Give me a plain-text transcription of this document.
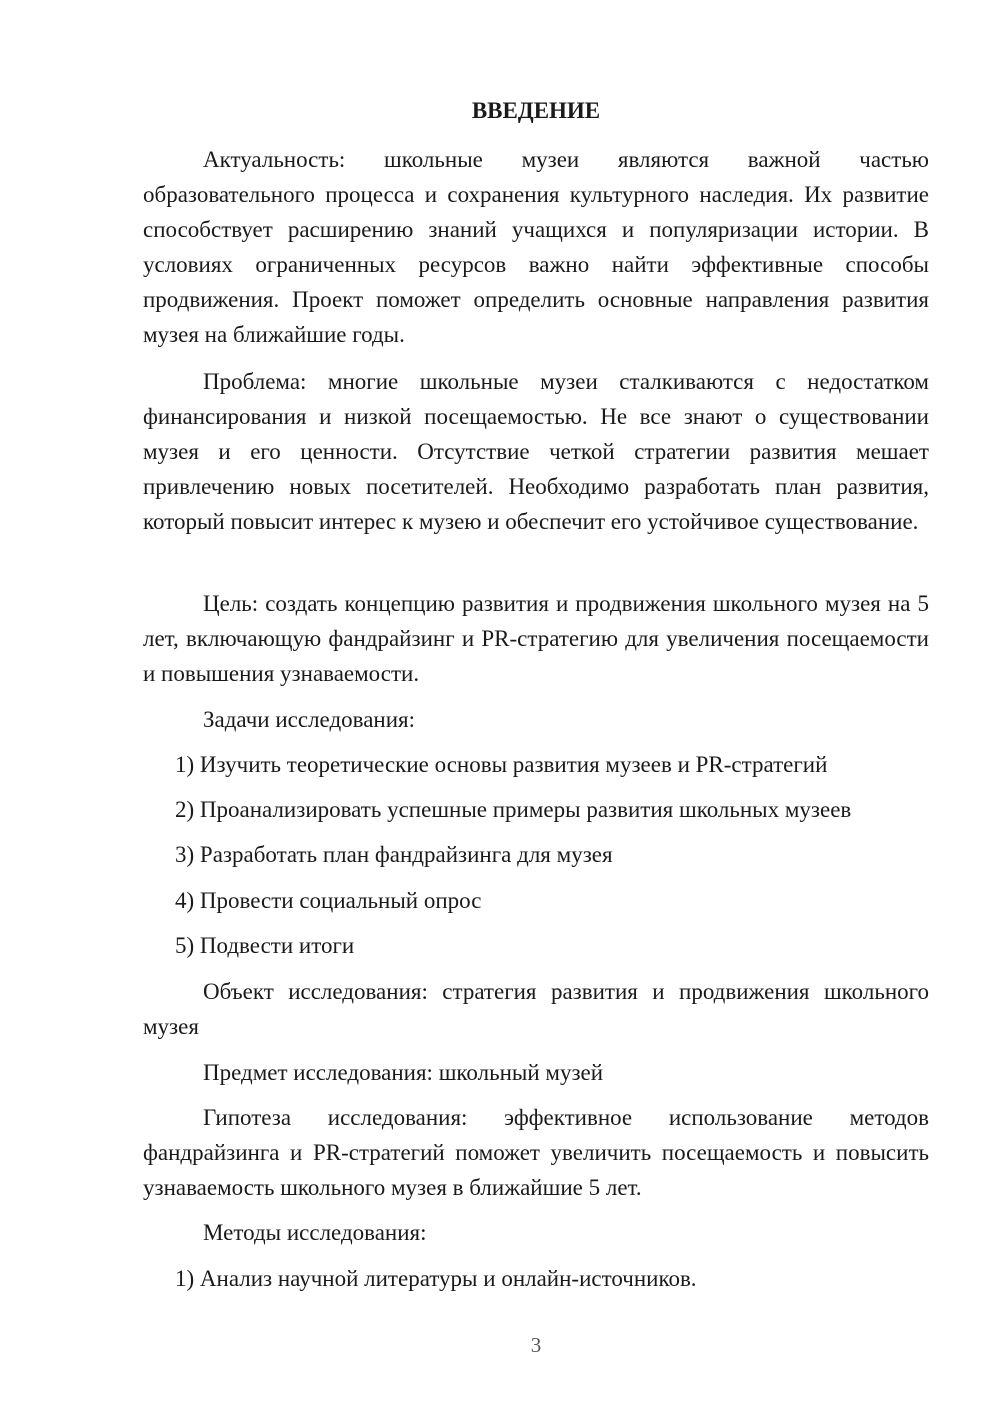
ВВЕДЕНИЕ

Актуальность: школьные музеи являются важной частью образовательного процесса и сохранения культурного наследия. Их развитие способствует расширению знаний учащихся и популяризации истории. В условиях ограниченных ресурсов важно найти эффективные способы продвижения. Проект поможет определить основные направления развития музея на ближайшие годы.

Проблема: многие школьные музеи сталкиваются с недостатком финансирования и низкой посещаемостью. Не все знают о существовании музея и его ценности. Отсутствие четкой стратегии развития мешает привлечению новых посетителей. Необходимо разработать план развития, который повысит интерес к музею и обеспечит его устойчивое существование.

Цель: создать концепцию развития и продвижения школьного музея на 5 лет, включающую фандрайзинг и PR-стратегию для увеличения посещаемости и повышения узнаваемости.

Задачи исследования:

1) Изучить теоретические основы развития музеев и PR-стратегий

2) Проанализировать успешные примеры развития школьных музеев

3) Разработать план фандрайзинга для музея

4) Провести социальный опрос

5) Подвести итоги

Объект исследования: стратегия развития и продвижения школьного музея

Предмет исследования: школьный музей

Гипотеза исследования: эффективное использование методов фандрайзинга и PR-стратегий поможет увеличить посещаемость и повысить узнаваемость школьного музея в ближайшие 5 лет.

Методы исследования:

1) Анализ научной литературы и онлайн-источников.

3
